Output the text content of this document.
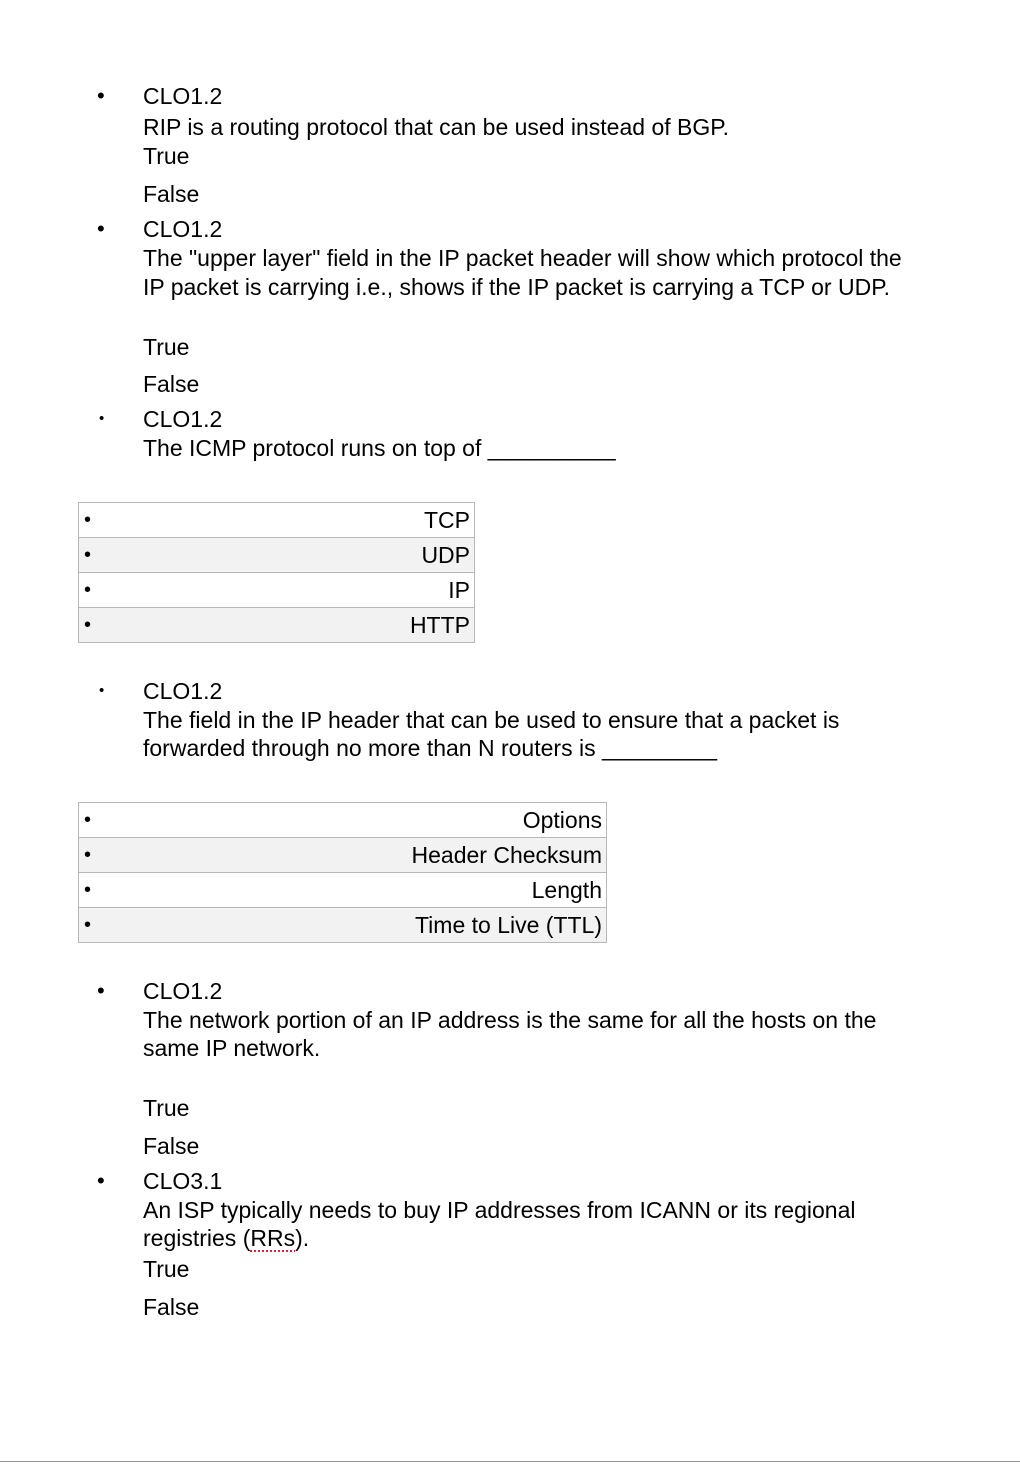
• CLO1.2
RIP is a routing protocol that can be used instead of BGP.
True
False
• CLO1.2
The "upper layer" field in the IP packet header will show which protocol the
IP packet is carrying i.e., shows if the IP packet is carrying a TCP or UDP.
True
False
• CLO1.2
The ICMP protocol runs on top of __________
•	TCP
•	UDP
•	IP
•	HTTP
• CLO1.2
The field in the IP header that can be used to ensure that a packet is
forwarded through no more than N routers is _________
•	Options
•	Header Checksum
•	Length
•	Time to Live (TTL)
• CLO1.2
The network portion of an IP address is the same for all the hosts on the
same IP network.
True
False
• CLO3.1
An ISP typically needs to buy IP addresses from ICANN or its regional
registries (RRs).
True
False
